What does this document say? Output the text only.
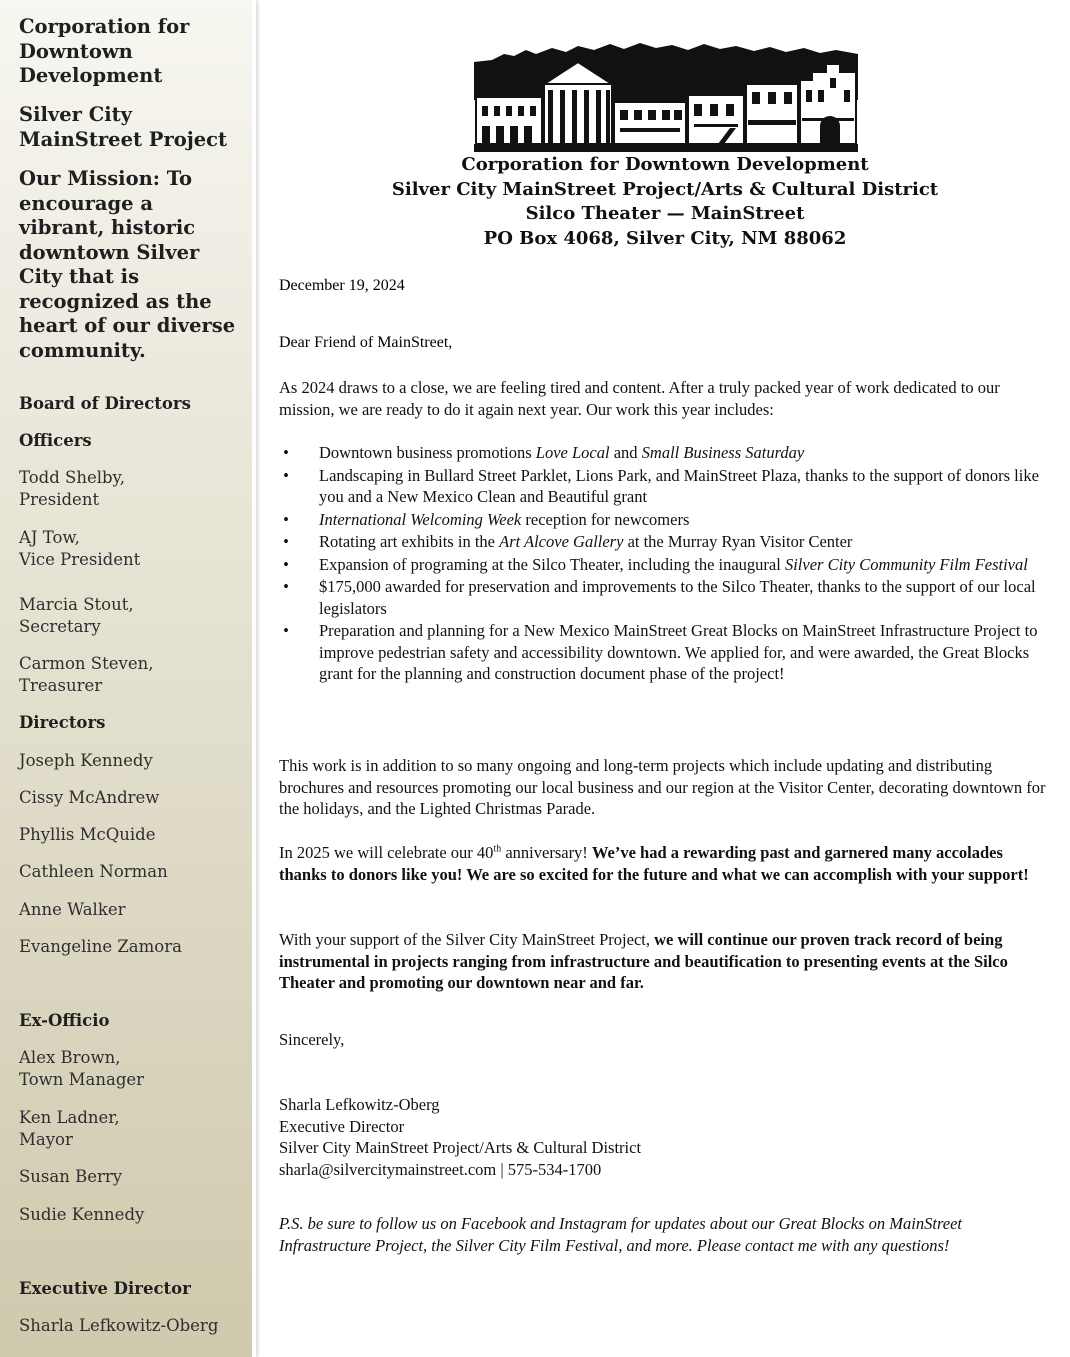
Corporation for Downtown Development
Silver City MainStreet Project
Our Mission: To encourage a vibrant, historic downtown Silver City that is recognized as the heart of our diverse community.
Board of Directors
Officers
Todd Shelby,
President
AJ Tow,
Vice President
Marcia Stout,
Secretary
Carmon Steven,
Treasurer
Directors
Joseph Kennedy
Cissy McAndrew
Phyllis McQuide
Cathleen Norman
Anne Walker
Evangeline Zamora
Ex-Officio
Alex Brown,
Town Manager
Ken Ladner,
Mayor
Susan Berry
Sudie Kennedy
Executive Director
Sharla Lefkowitz-Oberg
Corporation for Downtown Development
Silver City MainStreet Project/Arts & Cultural District
Silco Theater — MainStreet
PO Box 4068, Silver City, NM 88062

December 19, 2024

Dear Friend of MainStreet,

As 2024 draws to a close, we are feeling tired and content. After a truly packed year of work dedicated to our mission, we are ready to do it again next year. Our work this year includes:

• Downtown business promotions Love Local and Small Business Saturday
• Landscaping in Bullard Street Parklet, Lions Park, and MainStreet Plaza, thanks to the support of donors like you and a New Mexico Clean and Beautiful grant
• International Welcoming Week reception for newcomers
• Rotating art exhibits in the Art Alcove Gallery at the Murray Ryan Visitor Center
• Expansion of programing at the Silco Theater, including the inaugural Silver City Community Film Festival
• $175,000 awarded for preservation and improvements to the Silco Theater, thanks to the support of our local legislators
• Preparation and planning for a New Mexico MainStreet Great Blocks on MainStreet Infrastructure Project to improve pedestrian safety and accessibility downtown. We applied for, and were awarded, the Great Blocks grant for the planning and construction document phase of the project!

This work is in addition to so many ongoing and long-term projects which include updating and distributing brochures and resources promoting our local business and our region at the Visitor Center, decorating downtown for the holidays, and the Lighted Christmas Parade.

In 2025 we will celebrate our 40th anniversary! We’ve had a rewarding past and garnered many accolades thanks to donors like you! We are so excited for the future and what we can accomplish with your support!

With your support of the Silver City MainStreet Project, we will continue our proven track record of being instrumental in projects ranging from infrastructure and beautification to presenting events at the Silco Theater and promoting our downtown near and far.

Sincerely,

Sharla Lefkowitz-Oberg
Executive Director
Silver City MainStreet Project/Arts & Cultural District
sharla@silvercitymainstreet.com | 575-534-1700

P.S. be sure to follow us on Facebook and Instagram for updates about our Great Blocks on MainStreet Infrastructure Project, the Silver City Film Festival, and more. Please contact me with any questions!
